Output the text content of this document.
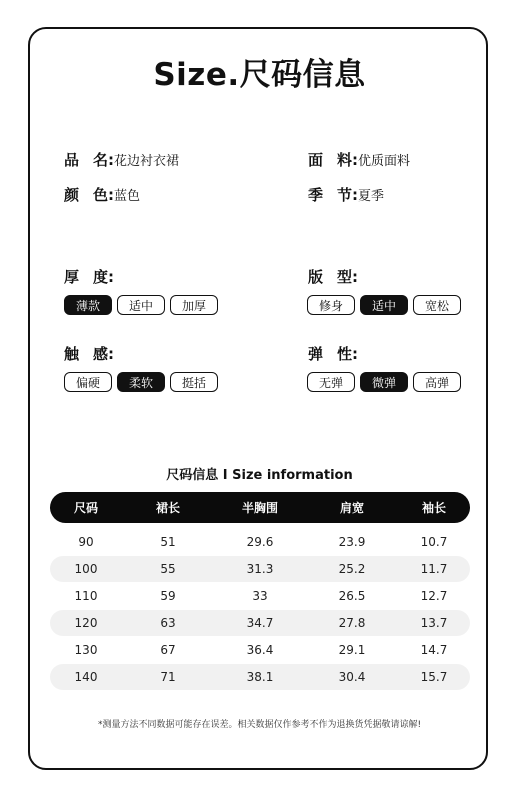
Size.尺码信息
品 名:花边衬衣裙	面 料:优质面料
颜 色:蓝色	季 节:夏季
厚 度:
薄款	适中	加厚
版 型:
修身	适中	宽松
触 感:
偏硬	柔软	挺括
弹 性:
无弹	微弹	高弹
尺码信息 I Size information
尺码	裙长	半胸围	肩宽	袖长
90	51	29.6	23.9	10.7
100	55	31.3	25.2	11.7
110	59	33	26.5	12.7
120	63	34.7	27.8	13.7
130	67	36.4	29.1	14.7
140	71	38.1	30.4	15.7
*测量方法不同数据可能存在误差。相关数据仅作参考不作为退换货凭据敬请谅解!
